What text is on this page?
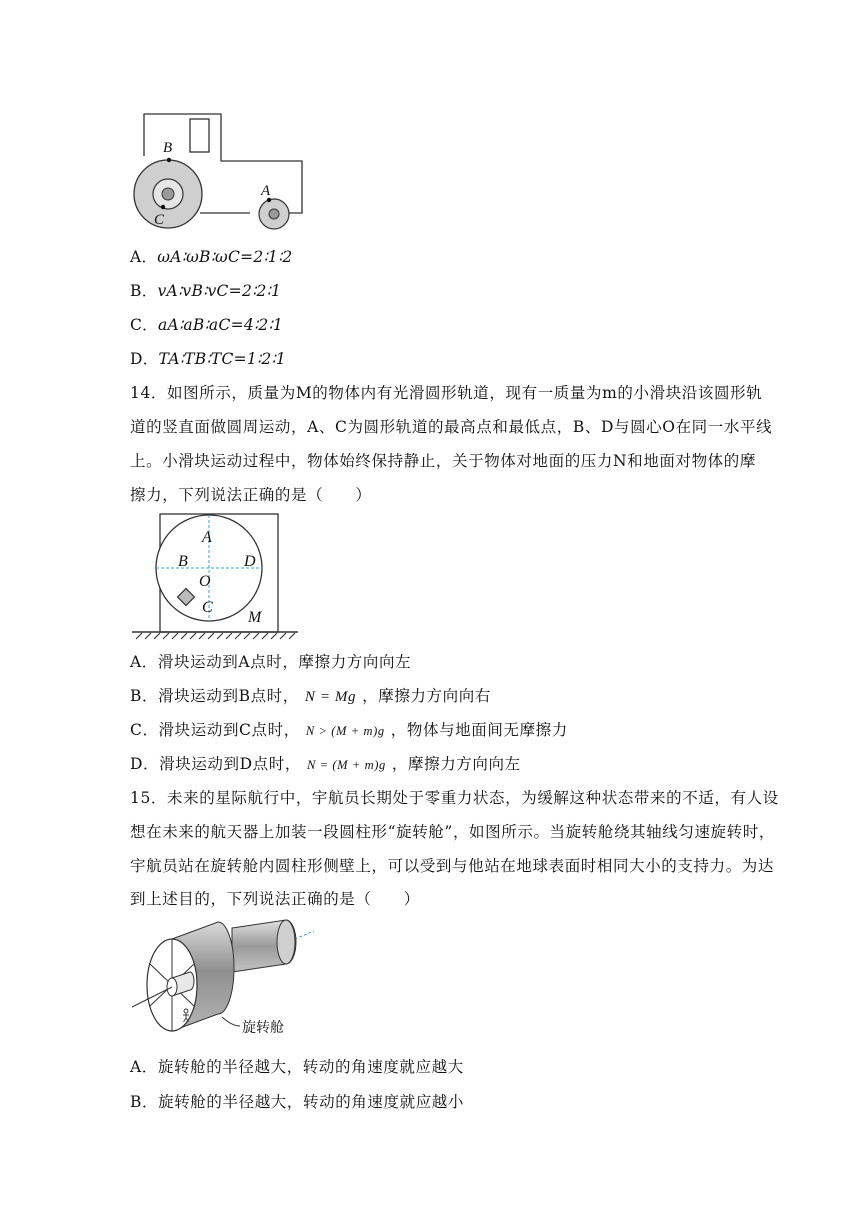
B
C
A
A．ωA∶ωB∶ωC=2∶1∶2
B．vA∶vB∶vC=2∶2∶1
C．aA∶aB∶aC=4∶2∶1
D．TA∶TB∶TC=1∶2∶1
14．如图所示，质量为M的物体内有光滑圆形轨道，现有一质量为m的小滑块沿该圆形轨
道的竖直面做圆周运动，A、C为圆形轨道的最高点和最低点，B、D与圆心O在同一水平线
上。小滑块运动过程中，物体始终保持静止，关于物体对地面的压力N和地面对物体的摩
擦力，下列说法正确的是（　　）
A
B	D
O
C
M
A．滑块运动到A点时，摩擦力方向向左
B．滑块运动到B点时， N = Mg ，摩擦力方向向右
C．滑块运动到C点时， N > (M + m)g ，物体与地面间无摩擦力
D．滑块运动到D点时， N = (M + m)g ，摩擦力方向向左
15．未来的星际航行中，宇航员长期处于零重力状态，为缓解这种状态带来的不适，有人设
想在未来的航天器上加装一段圆柱形“旋转舱”，如图所示。当旋转舱绕其轴线匀速旋转时，
宇航员站在旋转舱内圆柱形侧壁上，可以受到与他站在地球表面时相同大小的支持力。为达
到上述目的，下列说法正确的是（　　）
旋转舱
A．旋转舱的半径越大，转动的角速度就应越大
B．旋转舱的半径越大，转动的角速度就应越小
